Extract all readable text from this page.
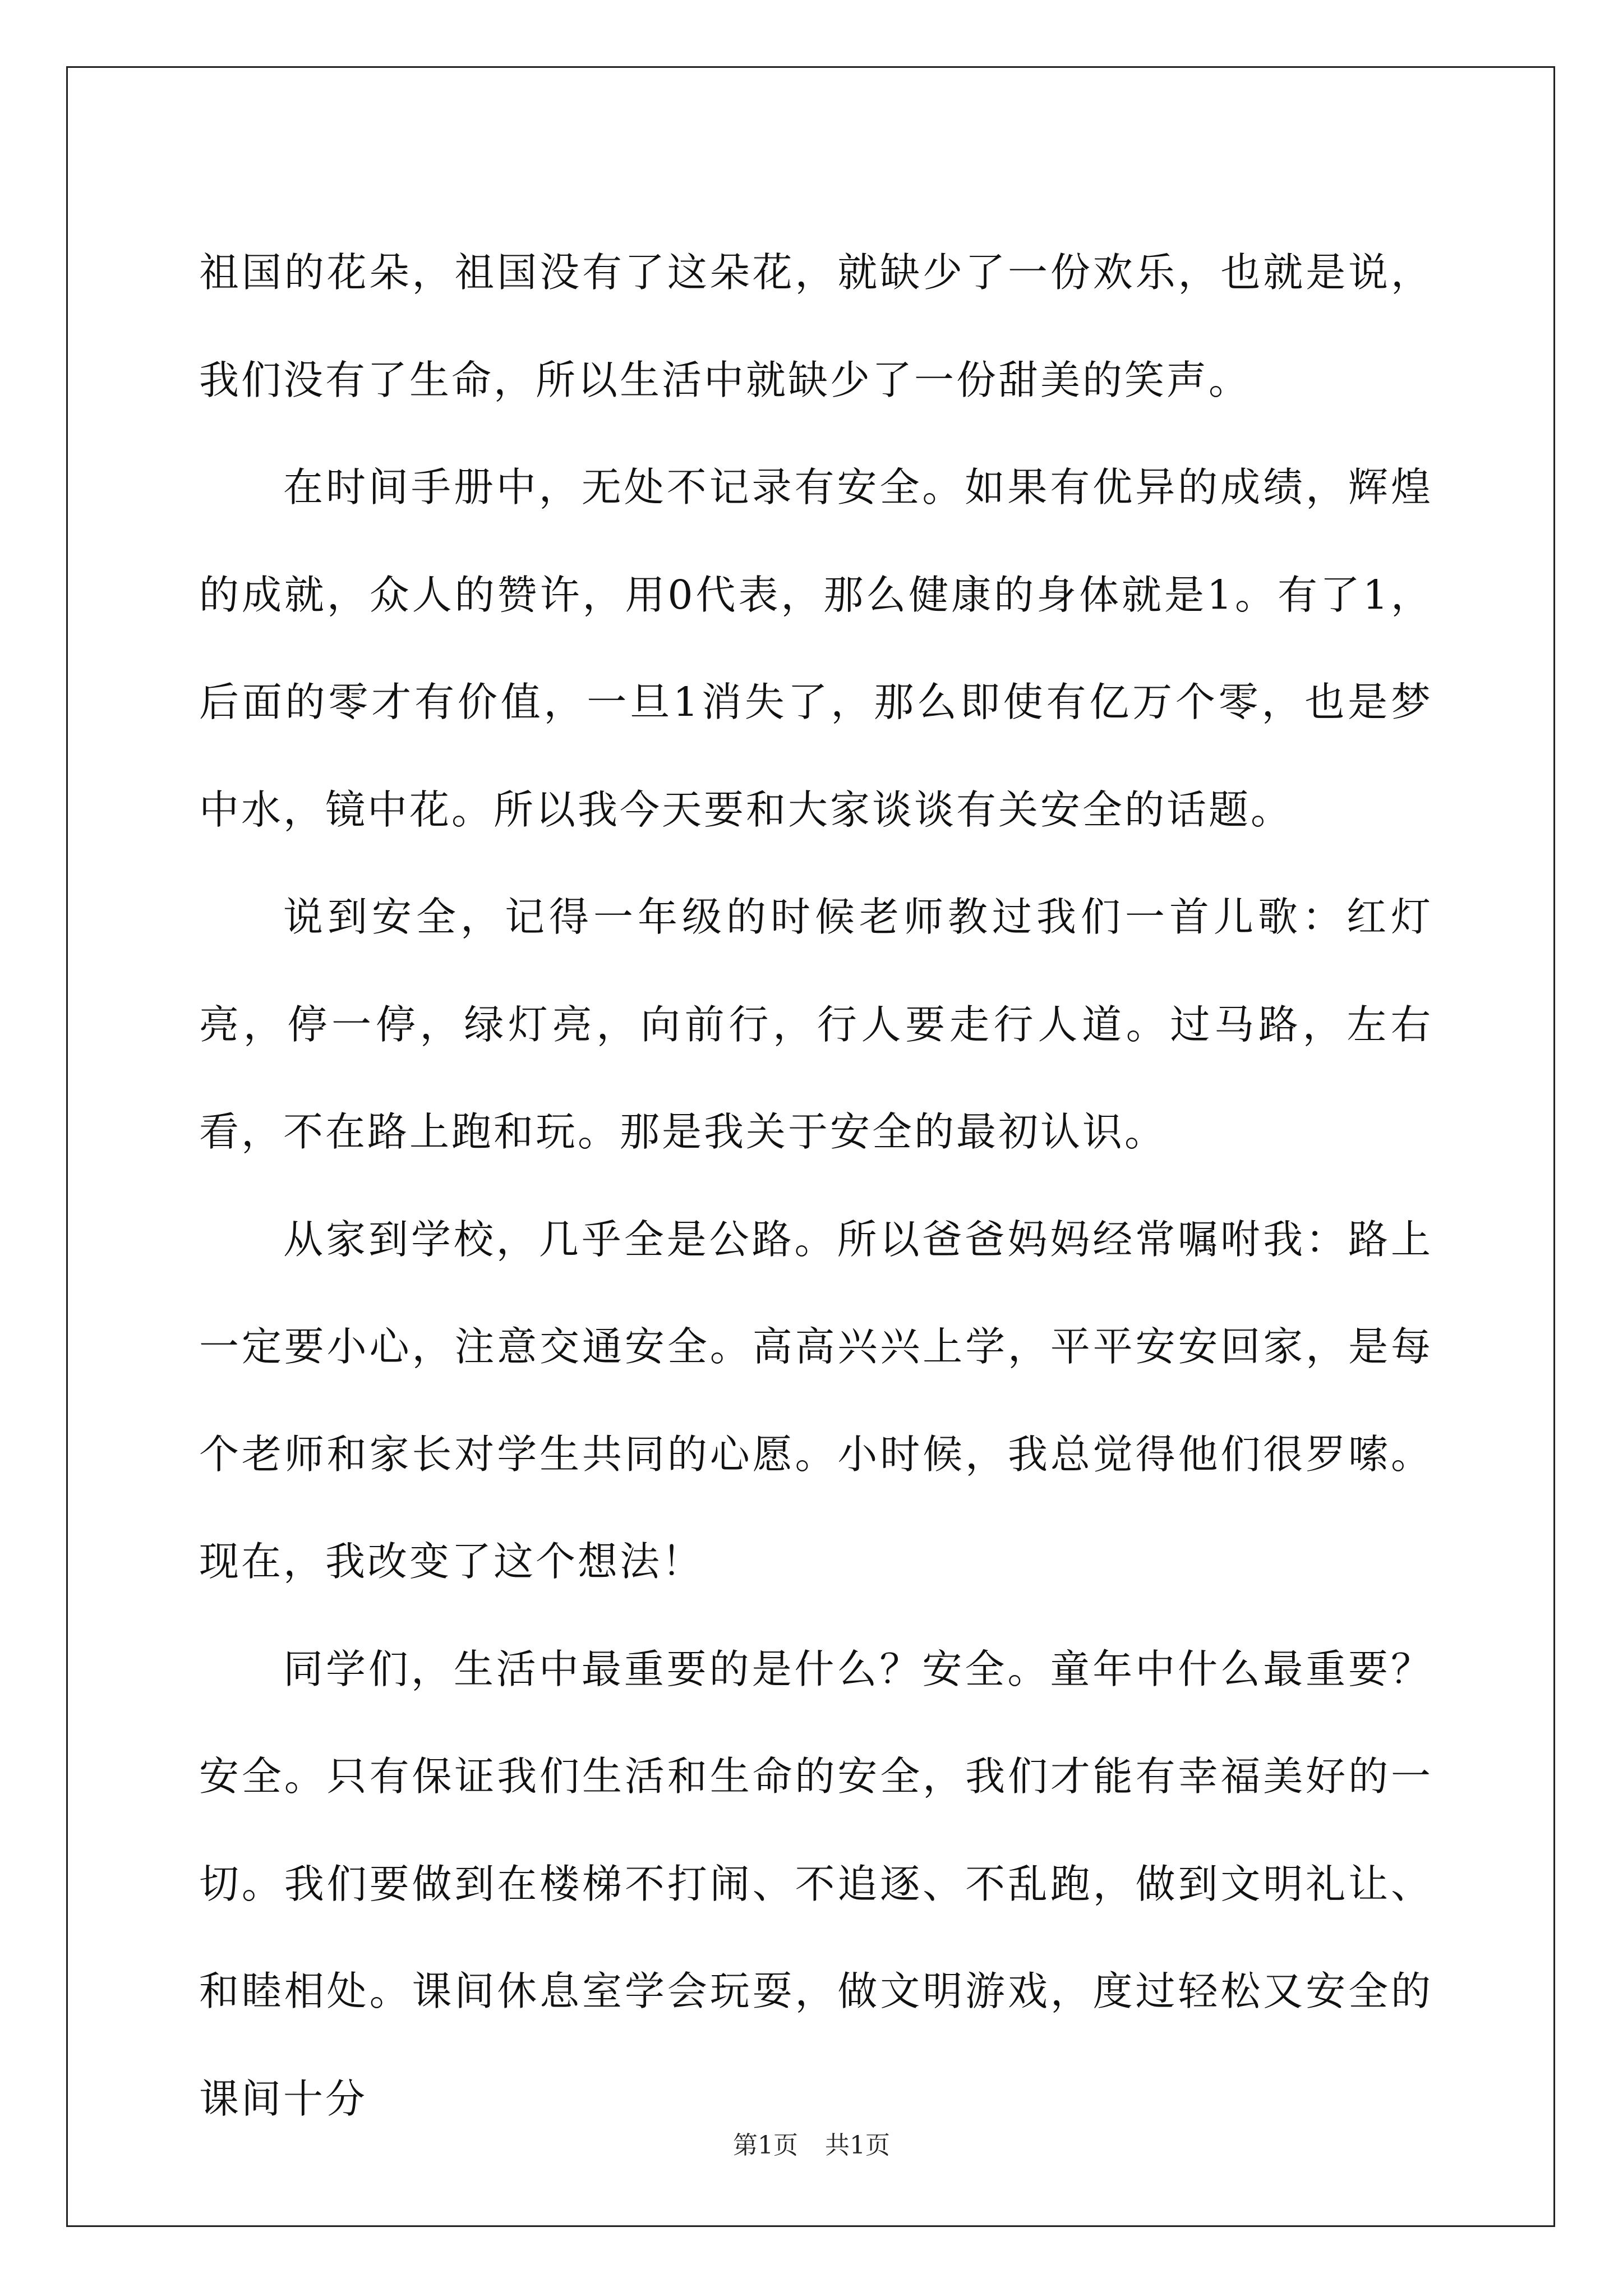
祖国的花朵，祖国没有了这朵花，就缺少了一份欢乐，也就是说，我们没有了生命，所以生活中就缺少了一份甜美的笑声。

在时间手册中，无处不记录有安全。如果有优异的成绩，辉煌的成就，众人的赞许，用0代表，那么健康的身体就是1。有了1，后面的零才有价值，一旦1消失了，那么即使有亿万个零，也是梦中水，镜中花。所以我今天要和大家谈谈有关安全的话题。

说到安全，记得一年级的时候老师教过我们一首儿歌：红灯亮，停一停，绿灯亮，向前行，行人要走行人道。过马路，左右看，不在路上跑和玩。那是我关于安全的最初认识。

从家到学校，几乎全是公路。所以爸爸妈妈经常嘱咐我：路上一定要小心，注意交通安全。高高兴兴上学，平平安安回家，是每个老师和家长对学生共同的心愿。小时候，我总觉得他们很罗嗦。现在，我改变了这个想法！

同学们，生活中最重要的是什么？安全。童年中什么最重要？安全。只有保证我们生活和生命的安全，我们才能有幸福美好的一切。我们要做到在楼梯不打闹、不追逐、不乱跑，做到文明礼让、和睦相处。课间休息室学会玩耍，做文明游戏，度过轻松又安全的课间十分

第1页 共1页
